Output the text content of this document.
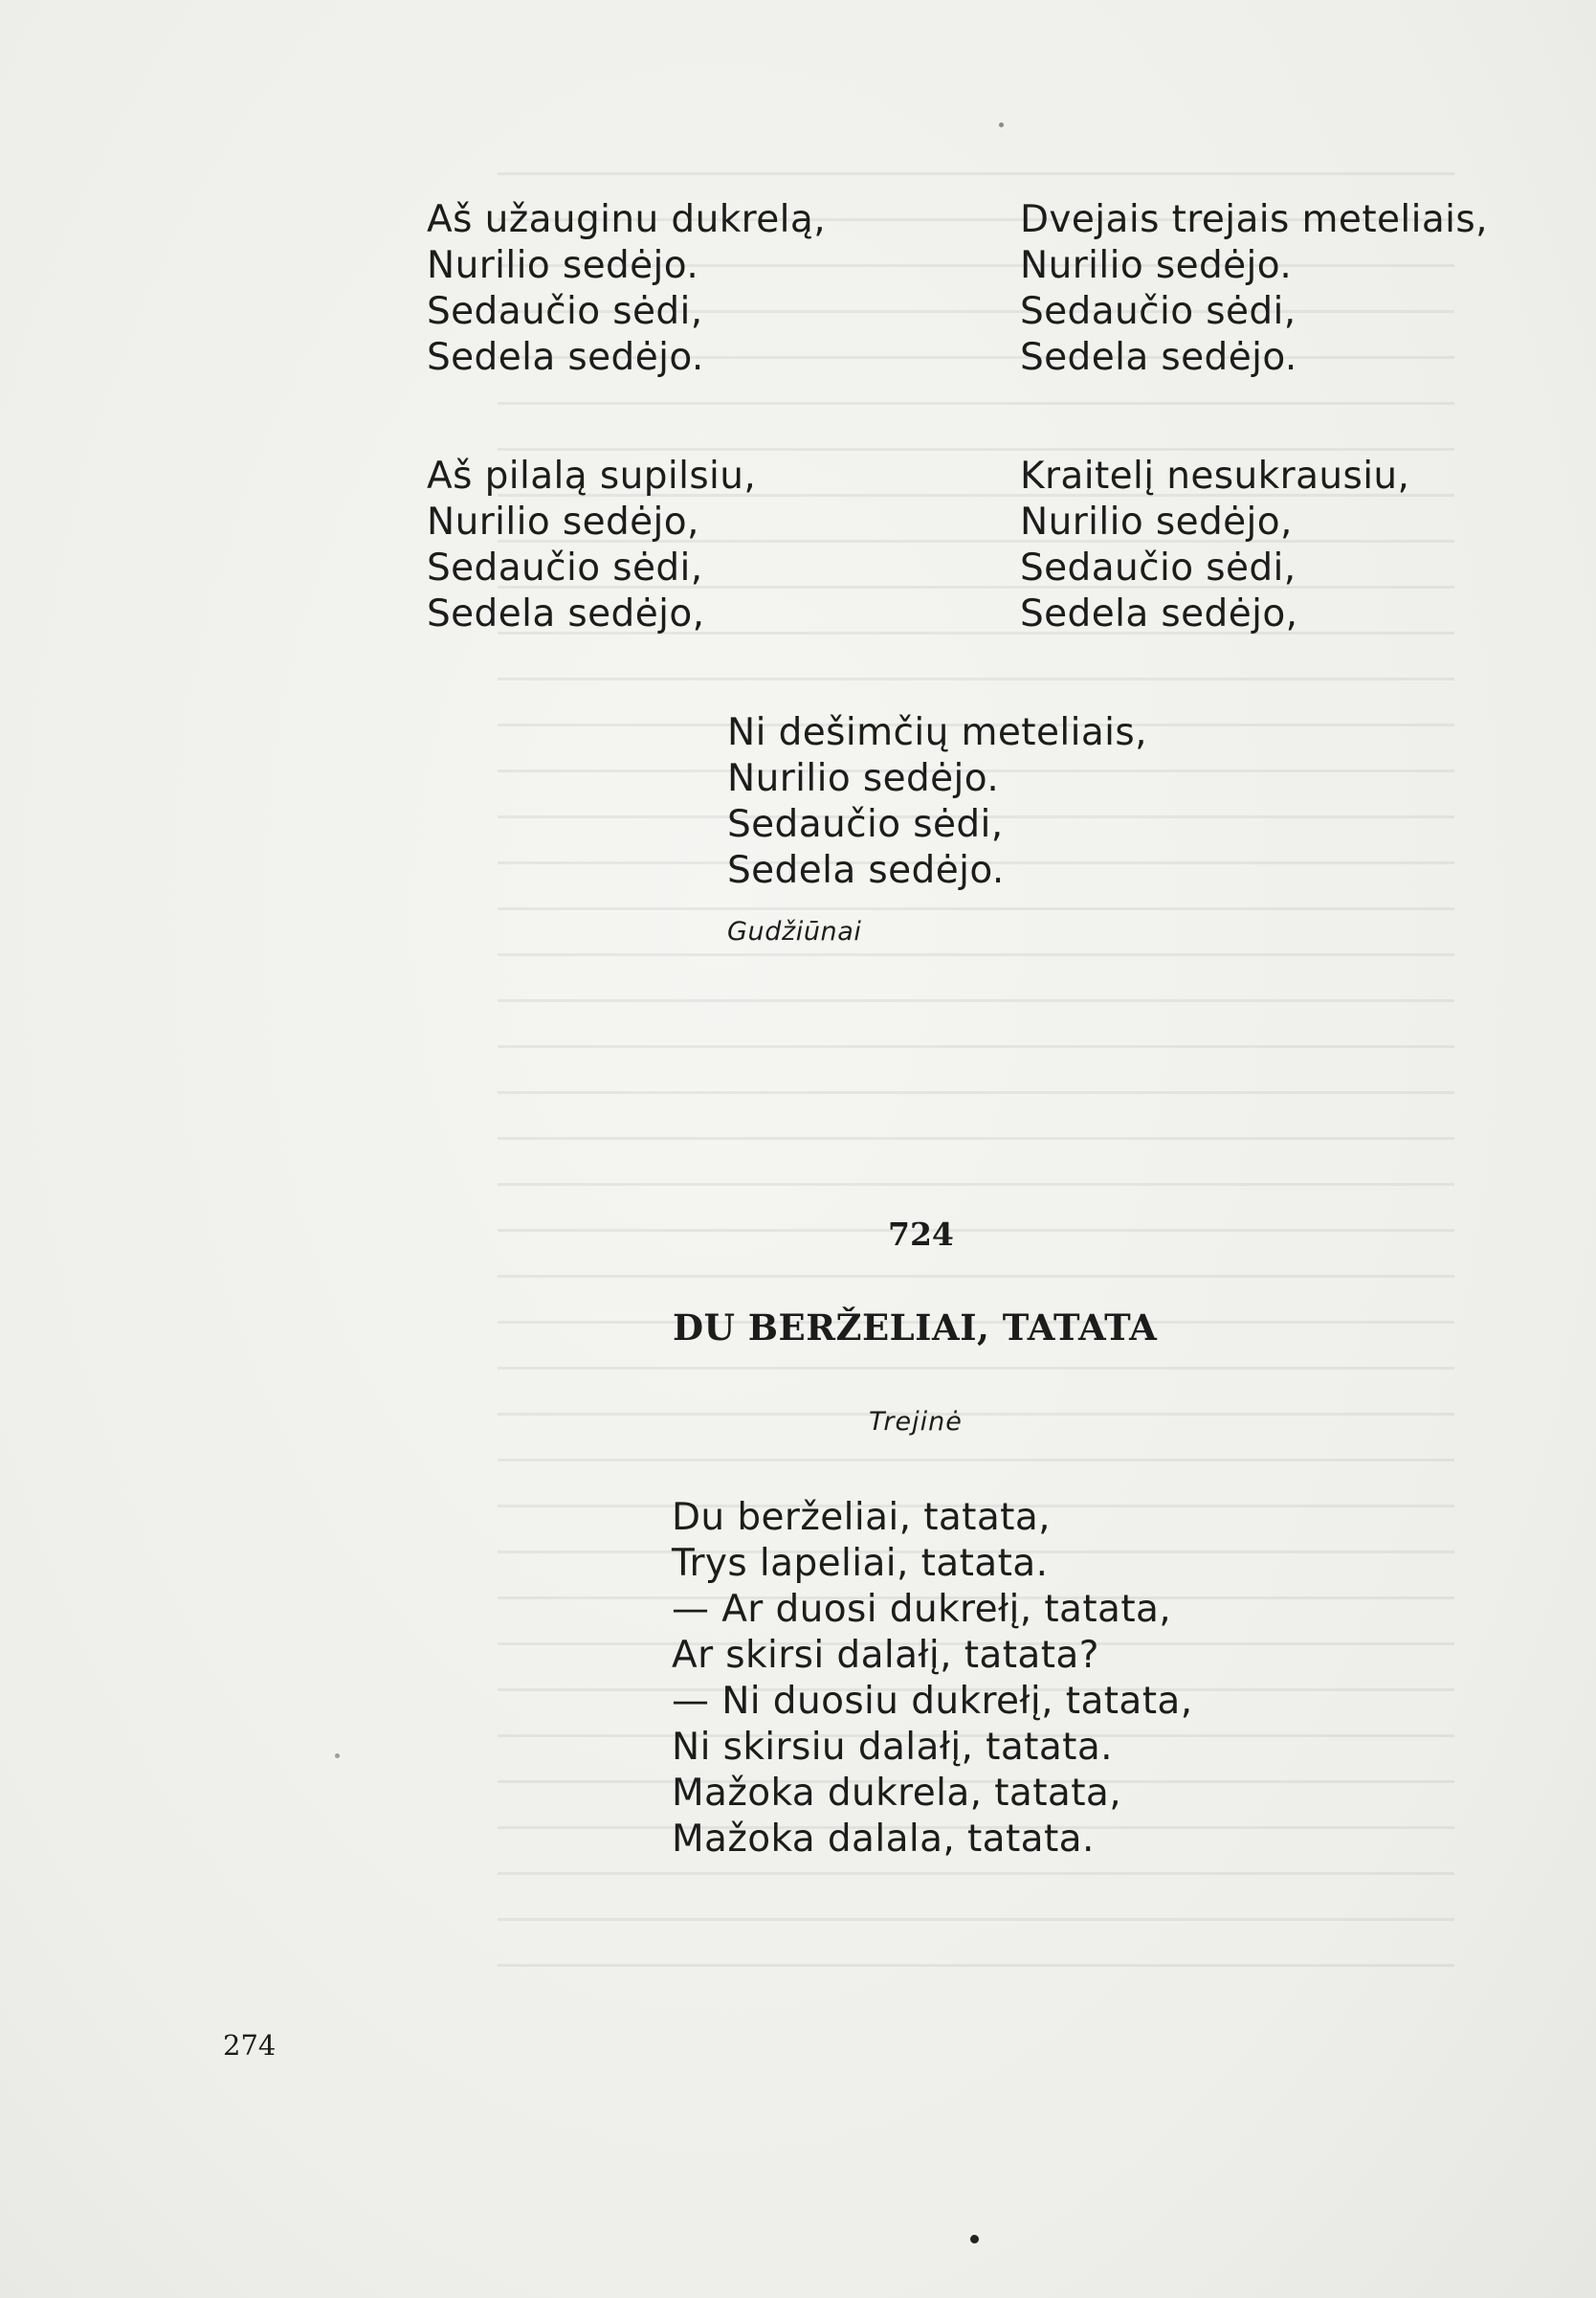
Aš užauginu dukrelą,
Nurilio sedėjo.
Sedaučio sėdi,
Sedela sedėjo.
Dvejais trejais meteliais,
Nurilio sedėjo.
Sedaučio sėdi,
Sedela sedėjo.
Aš pilalą supilsiu,
Nurilio sedėjo,
Sedaučio sėdi,
Sedela sedėjo,
Kraitelį nesukrausiu,
Nurilio sedėjo,
Sedaučio sėdi,
Sedela sedėjo,
Ni dešimčių meteliais,
Nurilio sedėjo.
Sedaučio sėdi,
Sedela sedėjo.
Gudžiūnai
724
DU BERŽELIAI, TATATA
Trejinė
Du berželiai, tatata,
Trys lapeliai, tatata.
— Ar duosi dukrełį, tatata,
Ar skirsi dalałį, tatata?
— Ni duosiu dukrełį, tatata,
Ni skirsiu dalałį, tatata.
Mažoka dukrela, tatata,
Mažoka dalala, tatata.
274
